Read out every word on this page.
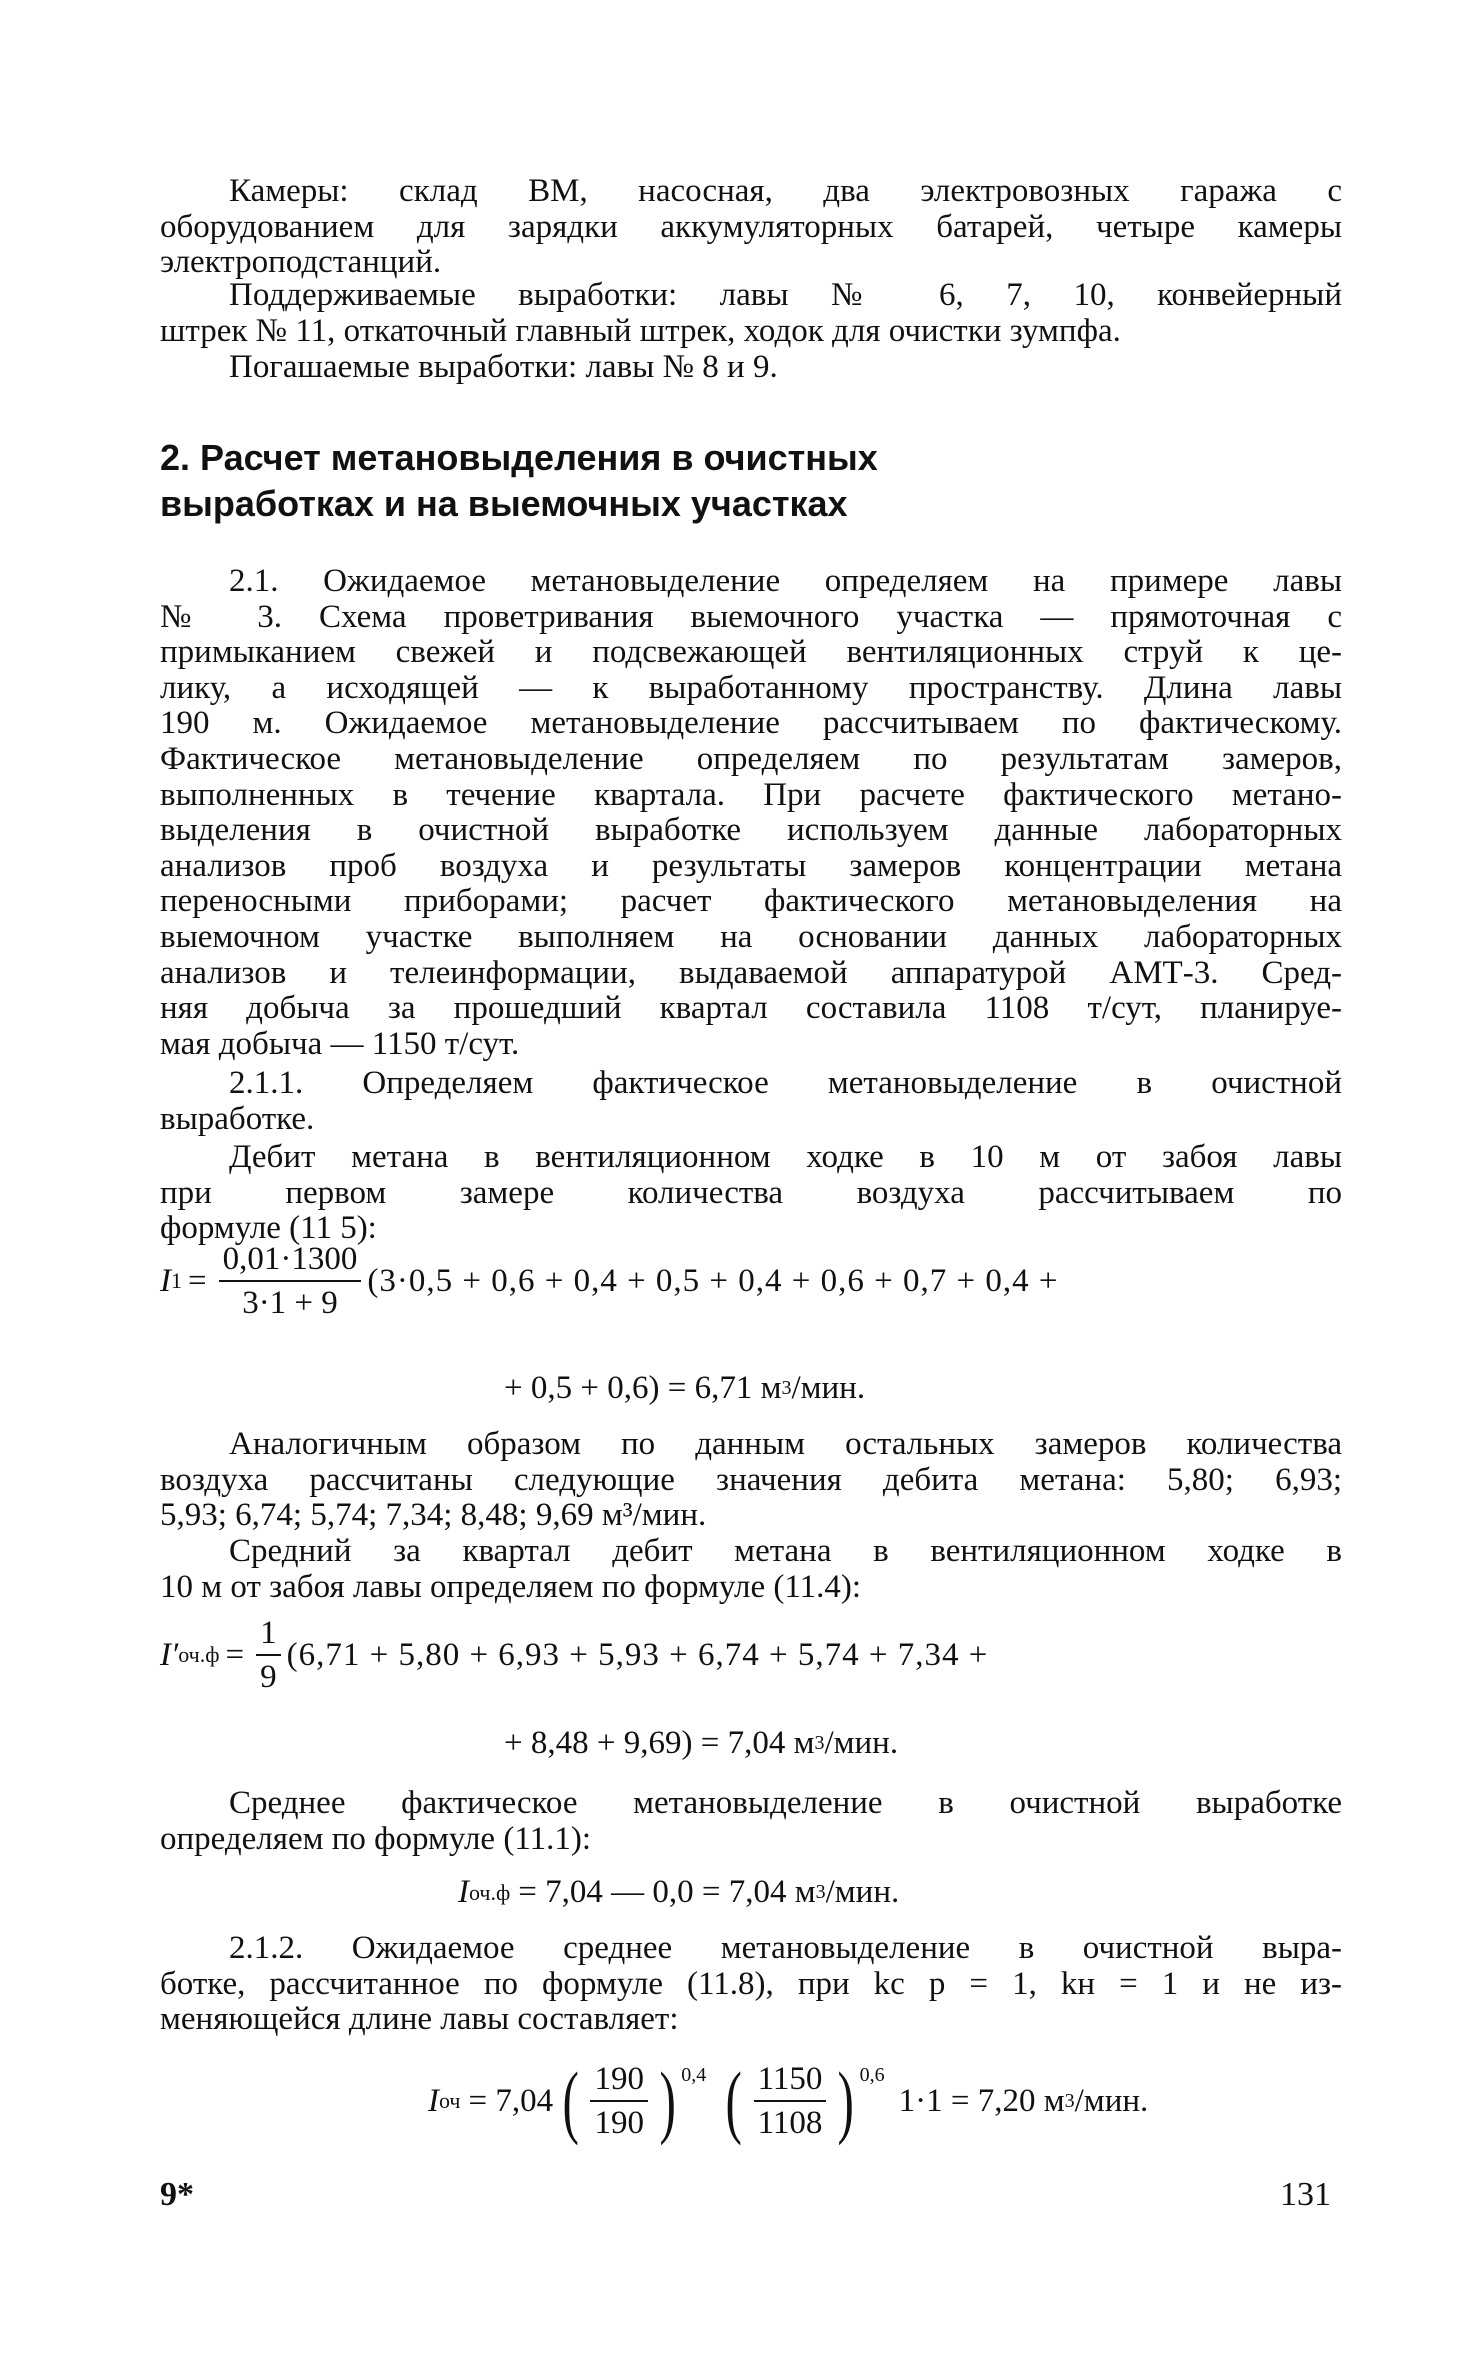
Камеры: склад ВМ, насосная, два электровозных гаража с
оборудованием для зарядки аккумуляторных батарей, четыре камеры
электроподстанций.
Поддерживаемые выработки: лавы № 6, 7, 10, конвейерный
штрек № 11, откаточный главный штрек, ходок для очистки зумпфа.
Погашаемые выработки: лавы № 8 и 9.
2.1. Ожидаемое метановыделение определяем на примере лавы
№ 3. Схема проветривания выемочного участка — прямоточная с
примыканием свежей и подсвежающей вентиляционных струй к це-
лику, а исходящей — к выработанному пространству. Длина лавы
190 м. Ожидаемое метановыделение рассчитываем по фактическому.
Фактическое метановыделение определяем по результатам замеров,
выполненных в течение квартала. При расчете фактического метано-
выделения в очистной выработке используем данные лабораторных
анализов проб воздуха и результаты замеров концентрации метана
переносными приборами; расчет фактического метановыделения на
выемочном участке выполняем на основании данных лабораторных
анализов и телеинформации, выдаваемой аппаратурой АМТ-3. Сред-
няя добыча за прошедший квартал составила 1108 т/сут, планируе-
мая добыча — 1150 т/сут.
2.1.1. Определяем фактическое метановыделение в очистной
выработке.
Дебит метана в вентиляционном ходке в 10 м от забоя лавы
при первом замере количества воздуха рассчитываем по
формуле (11 5):
Аналогичным образом по данным остальных замеров количества
воздуха рассчитаны следующие значения дебита метана: 5,80; 6,93;
5,93; 6,74; 5,74; 7,34; 8,48; 9,69 м³/мин.
Средний за квартал дебит метана в вентиляционном ходке в
10 м от забоя лавы определяем по формуле (11.4):
Среднее фактическое метановыделение в очистной выработке
определяем по формуле (11.1):
2.1.2. Ожидаемое среднее метановыделение в очистной выра-
ботке, рассчитанное по формуле (11.8), при kс р = 1, kн = 1 и не из-
меняющейся длине лавы составляет:
2. Расчет метановыделения в очистных
выработках и на выемочных участках
I $1 = \frac{0,01\cdot 1300}{3\cdot 1 + 9} (3\cdot 0,5 + 0,6 + 0,4 + 0,5 + 0,4 + 0,6 + 0,7 + 0,4$ +
+ 0,5 + 0,6) = 6,71 м 3 /мин.
I′ $оч.ф = \frac{1}{9} (6,71 + 5,80 + 6,93 + 5,93 + 6,74 + 5,74 + 7,34$ +
+ 8,48 + 9,69) = 7,04 м 3 /мин.
I оч.ф = 7,04 — 0,0 = 7,04 м 3 /мин.
I оч = 7,04 ( $\frac{190}{190}$ ) $^{0,4}$ ( $\frac{1150}{1108}$ ) $^{0,6}$
1·1 = 7,20 м 3 /мин.
9*	131
